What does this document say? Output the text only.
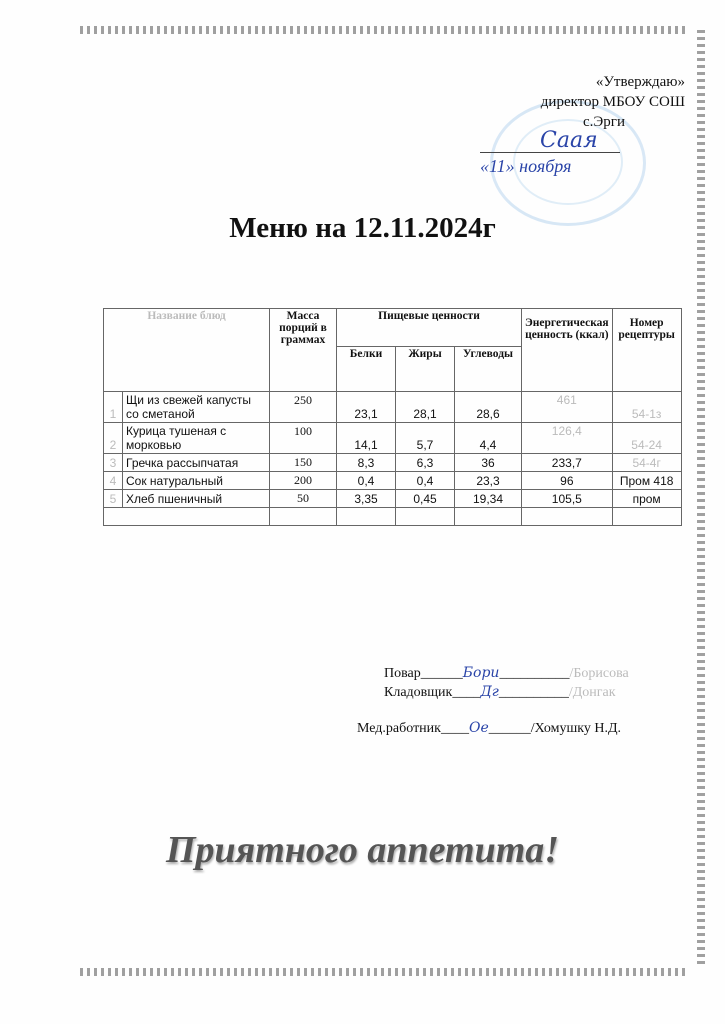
«Утверждаю»
директор МБОУ СОШ
с.Эрги
Саая
«11» ноября
Меню на 12.11.2024г
Название блюд		Масса порций в граммах	Пищевые ценности			Энергетическая ценность (ккал)	Номер рецептуры
			Белки	Жиры	Углеводы		
1	Щи из свежей капусты со сметаной	250	23,1	28,1	28,6	461	54-1з
2	Курица тушеная с морковью	100	14,1	5,7	4,4	126,4	54-24
3	Гречка рассыпчатая	150	8,3	6,3	36	233,7	54-4г
4	Сок натуральный	200	0,4	0,4	23,3	96	Пром 418
5	Хлеб пшеничный	50	3,35	0,45	19,34	105,5	пром

Повар______Бори__________/Борисова
Кладовщик____Дг__________/Донгак
Мед.работник____Ое______/Хомушку Н.Д.
Приятного аппетита!
